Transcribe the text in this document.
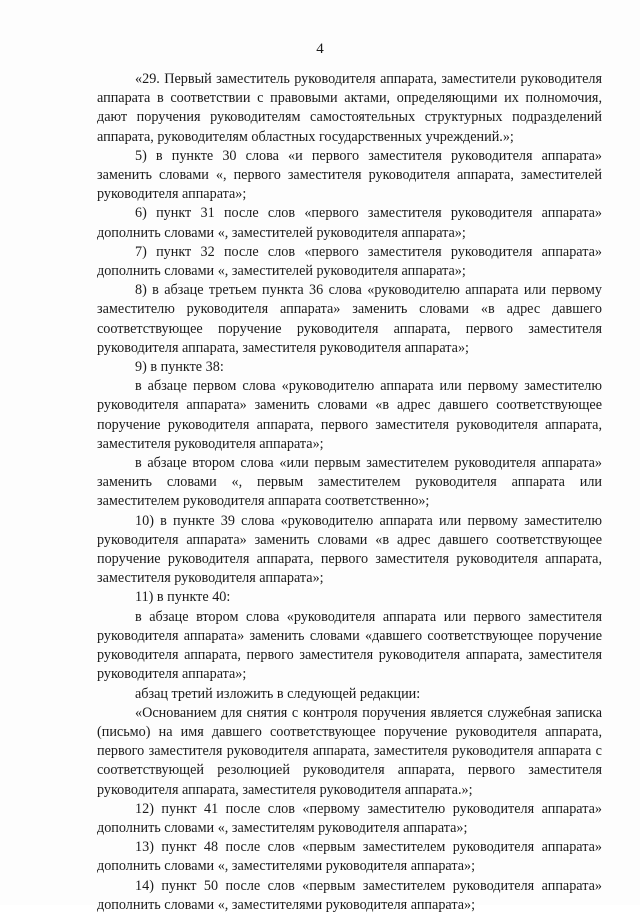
4

«29. Первый заместитель руководителя аппарата, заместители руководителя аппарата в соответствии с правовыми актами, определяющими их полномочия, дают поручения руководителям самостоятельных структурных подразделений аппарата, руководителям областных государственных учреждений.»;

5) в пункте 30 слова «и первого заместителя руководителя аппарата» заменить словами «, первого заместителя руководителя аппарата, заместителей руководителя аппарата»;

6) пункт 31 после слов «первого заместителя руководителя аппарата» дополнить словами «, заместителей руководителя аппарата»;

7) пункт 32 после слов «первого заместителя руководителя аппарата» дополнить словами «, заместителей руководителя аппарата»;

8) в абзаце третьем пункта 36 слова «руководителю аппарата или первому заместителю руководителя аппарата» заменить словами «в адрес давшего соответствующее поручение руководителя аппарата, первого заместителя руководителя аппарата, заместителя руководителя аппарата»;

9) в пункте 38:

в абзаце первом слова «руководителю аппарата или первому заместителю руководителя аппарата» заменить словами «в адрес давшего соответствующее поручение руководителя аппарата, первого заместителя руководителя аппарата, заместителя руководителя аппарата»;

в абзаце втором слова «или первым заместителем руководителя аппарата» заменить словами «, первым заместителем руководителя аппарата или заместителем руководителя аппарата соответственно»;

10) в пункте 39 слова «руководителю аппарата или первому заместителю руководителя аппарата» заменить словами «в адрес давшего соответствующее поручение руководителя аппарата, первого заместителя руководителя аппарата, заместителя руководителя аппарата»;

11) в пункте 40:

в абзаце втором слова «руководителя аппарата или первого заместителя руководителя аппарата» заменить словами «давшего соответствующее поручение руководителя аппарата, первого заместителя руководителя аппарата, заместителя руководителя аппарата»;

абзац третий изложить в следующей редакции:

«Основанием для снятия с контроля поручения является служебная записка (письмо) на имя давшего соответствующее поручение руководителя аппарата, первого заместителя руководителя аппарата, заместителя руководителя аппарата с соответствующей резолюцией руководителя аппарата, первого заместителя руководителя аппарата, заместителя руководителя аппарата.»;

12) пункт 41 после слов «первому заместителю руководителя аппарата» дополнить словами «, заместителям руководителя аппарата»;

13) пункт 48 после слов «первым заместителем руководителя аппарата» дополнить словами «, заместителями руководителя аппарата»;

14) пункт 50 после слов «первым заместителем руководителя аппарата» дополнить словами «, заместителями руководителя аппарата»;
